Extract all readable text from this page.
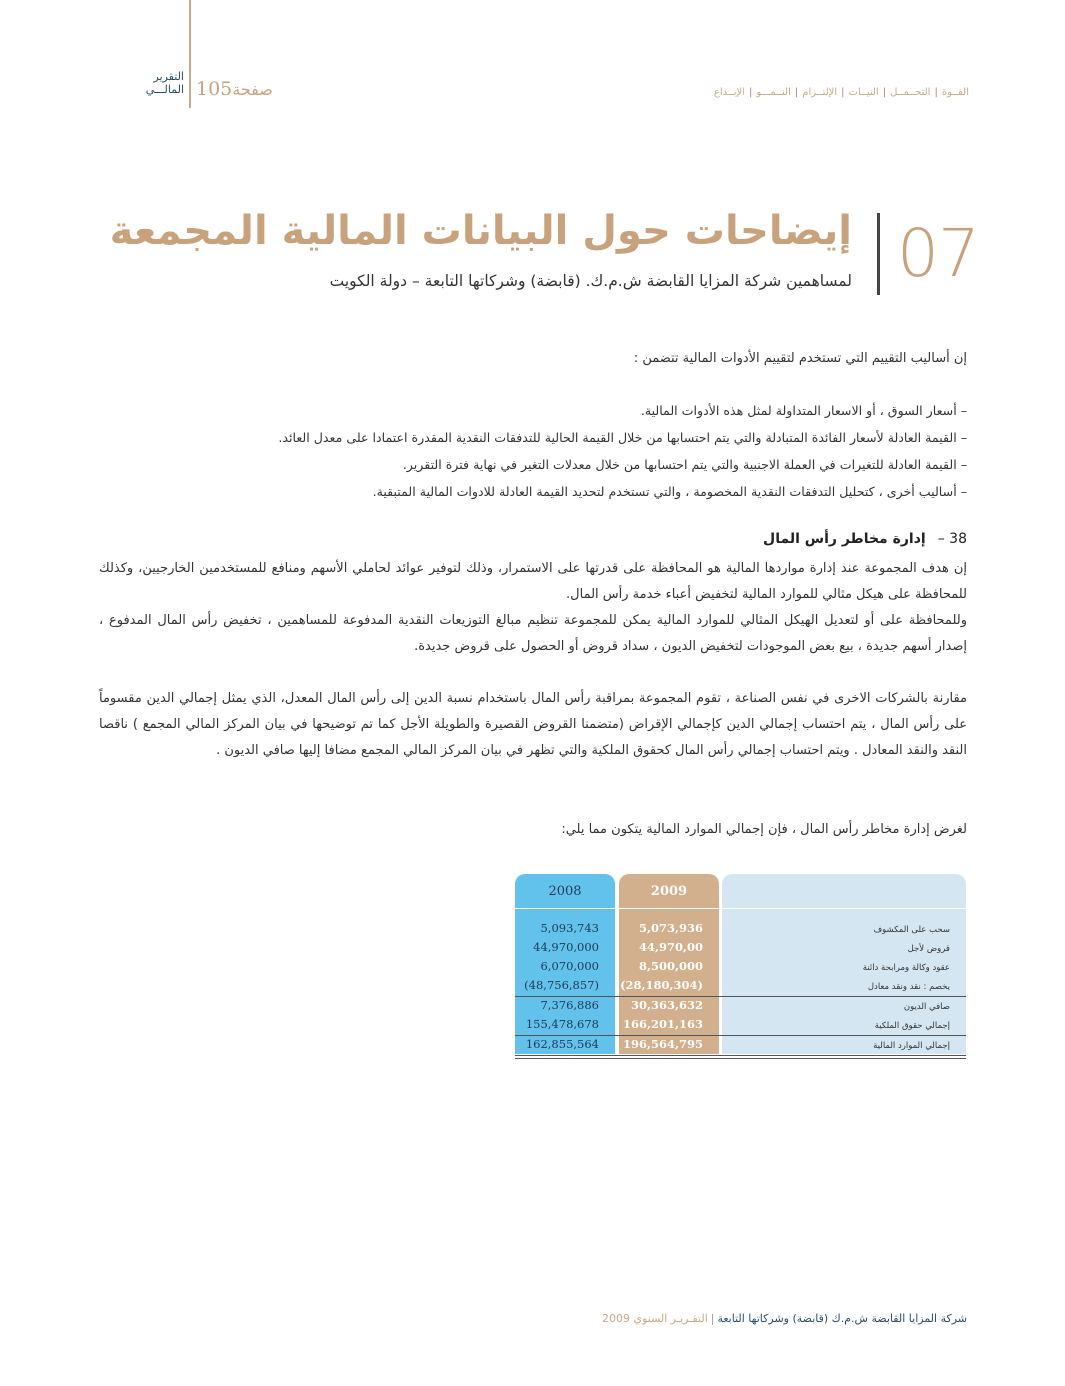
التقرير
المالـــي 105صفحة	القــوة|التحــمــل|النيــات|الإلتــزام|النــمـــو|الإبــداع
07
إيضاحات حول البيانات المالية المجمعة
لمساهمين شركة المزايا القابضة ش.م.ك. (قابضة) وشركاتها التابعة – دولة الكويت
إن أساليب التقييم التي تستخدم لتقييم الأدوات المالية تتضمن :
– أسعار السوق ، أو الاسعار المتداولة لمثل هذه الأدوات المالية.
– القيمة العادلة لأسعار الفائدة المتبادلة والتي يتم احتسابها من خلال القيمة الحالية للتدفقات النقدية المقدرة اعتمادا على معدل العائد.
– القيمة العادلة للتغيرات في العملة الاجنبية والتي يتم احتسابها من خلال معدلات التغير في نهاية فترة التقرير.
– أساليب أخرى ، كتحليل التدفقات النقدية المخصومة ، والتي تستخدم لتحديد القيمة العادلة للادوات المالية المتبقية.
38 –إدارة مخاطر رأس المال
إن هدف المجموعة عند إدارة مواردها المالية هو المحافظة على قدرتها على الاستمرار، وذلك لتوفير عوائد لحاملي الأسهم ومنافع للمستخدمين الخارجيين، وكذلك للمحافظة على هيكل مثالي للموارد المالية لتخفيض أعباء خدمة رأس المال.
وللمحافظة على أو لتعديل الهيكل المثالي للموارد المالية يمكن للمجموعة تنظيم مبالغ التوزيعات النقدية المدفوعة للمساهمين ، تخفيض رأس المال المدفوع ، إصدار أسهم جديدة ، بيع بعض الموجودات لتخفيض الديون ، سداد قروض أو الحصول على قروض جديدة.
مقارنة بالشركات الاخرى في نفس الصناعة ، تقوم المجموعة بمراقبة رأس المال باستخدام نسبة الدين إلى رأس المال المعدل، الذي يمثل إجمالي الدين مقسوماً على رأس المال ، يتم احتساب إجمالي الدين كإجمالي الإقراض (متضمنا القروض القصيرة والطويلة الأجل كما تم توضيحها في بيان المركز المالي المجمع ) ناقصا النقد والنقد المعادل . ويتم احتساب إجمالي رأس المال كحقوق الملكية والتي تظهر في بيان المركز المالي المجمع مضافا إليها صافي الديون .
لغرض إدارة مخاطر رأس المال ، فإن إجمالي الموارد المالية يتكون مما يلي:
2008	2009
5,093,743	5,073,936	سحب على المكشوف
44,970,000	44,970,00	قروض لأجل
6,070,000	8,500,000	عقود وكالة ومرابحة دائنة
(48,756,857) (28,180,304)	يخصم : نقد ونقد معادل
7,376,886	30,363,632	صافي الديون
155,478,678	166,201,163	إجمالي حقوق الملكية
162,855,564	196,564,795	إجمالي الموارد المالية
شركة المزايا القابضة ش.م.ك (قابضة) وشركاتها التابعة|التقـريـر السنوي 2009
